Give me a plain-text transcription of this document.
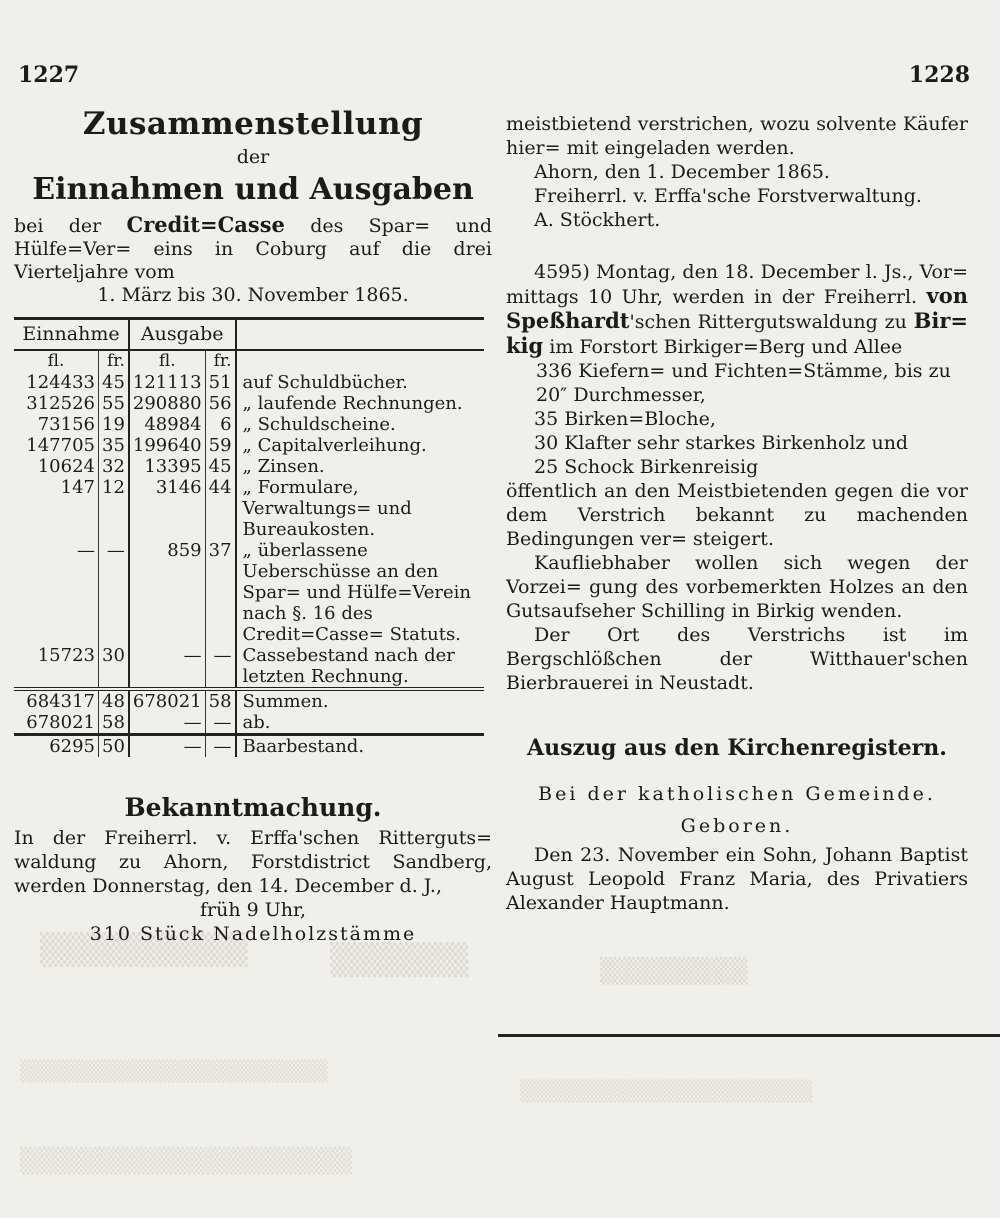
1227	1228
▒▒▒▒▒▒▒▒▒	▒▒▒▒▒▒	▒▒▒▒▒▒▒▒
▒▒▒▒▒▒▒▒▒▒▒▒▒▒▒▒▒▒▒▒
▒▒▒▒▒▒▒▒▒▒▒▒▒▒▒▒▒▒▒
▒▒▒▒▒▒▒▒▒▒▒▒▒▒▒▒▒▒
Zusammenstellung
der
Einnahmen und Ausgaben
bei der Credit=Casse des Spar= und Hülfe=Ver= eins in Coburg auf die drei Vierteljahre vom
1. März bis 30. November 1865.
Einnahme		Ausgabe		
fl.	fr.	fl.	fr.	
124433	45	121113	51	auf Schuldbücher.
312526	55	290880	56	„ laufende Rechnungen.
73156	19	48984	6	„ Schuldscheine.
147705	35	199640	59	„ Capitalverleihung.
10624	32	13395	45	„ Zinsen.
147	12	3146	44	„ Formulare, Verwaltungs= und Bureaukosten.
—	—	859	37	„ überlassene Ueberschüsse an den Spar= und Hülfe=Verein nach §. 16 des Credit=Casse= Statuts.
15723	30	—	—	Cassebestand nach der letzten Rechnung.
684317	48	678021	58	Summen.
678021	58	—	—	ab.
6295	50	—	—	Baarbestand.
Bekanntmachung.
In der Freiherrl. v. Erffa'schen Ritterguts= waldung zu Ahorn, Forstdistrict Sandberg, werden Donnerstag, den 14. December d. J.,
früh 9 Uhr,
310 Stück Nadelholzstämme
meistbietend verstrichen, wozu solvente Käufer hier= mit eingeladen werden.
Ahorn, den 1. December 1865.
Freiherrl. v. Erffa'sche Forstverwaltung.
A. Stöckhert.
4595) Montag, den 18. December l. Js., Vor= mittags 10 Uhr, werden in der Freiherrl. von Speßhardt'schen Rittergutswaldung zu Bir= kig im Forstort Birkiger=Berg und Allee
336 Kiefern= und Fichten=Stämme, bis zu 20″ Durchmesser,
35 Birken=Bloche,
30 Klafter sehr starkes Birkenholz und
25 Schock Birkenreisig
öffentlich an den Meistbietenden gegen die vor dem Verstrich bekannt zu machenden Bedingungen ver= steigert.
Kaufliebhaber wollen sich wegen der Vorzei= gung des vorbemerkten Holzes an den Gutsaufseher Schilling in Birkig wenden.
Der Ort des Verstrichs ist im Bergschlößchen der Witthauer'schen Bierbrauerei in Neustadt.
Auszug aus den Kirchenregistern.
Bei der katholischen Gemeinde.
Geboren.
Den 23. November ein Sohn, Johann Baptist August Leopold Franz Maria, des Privatiers Alexander Hauptmann.
